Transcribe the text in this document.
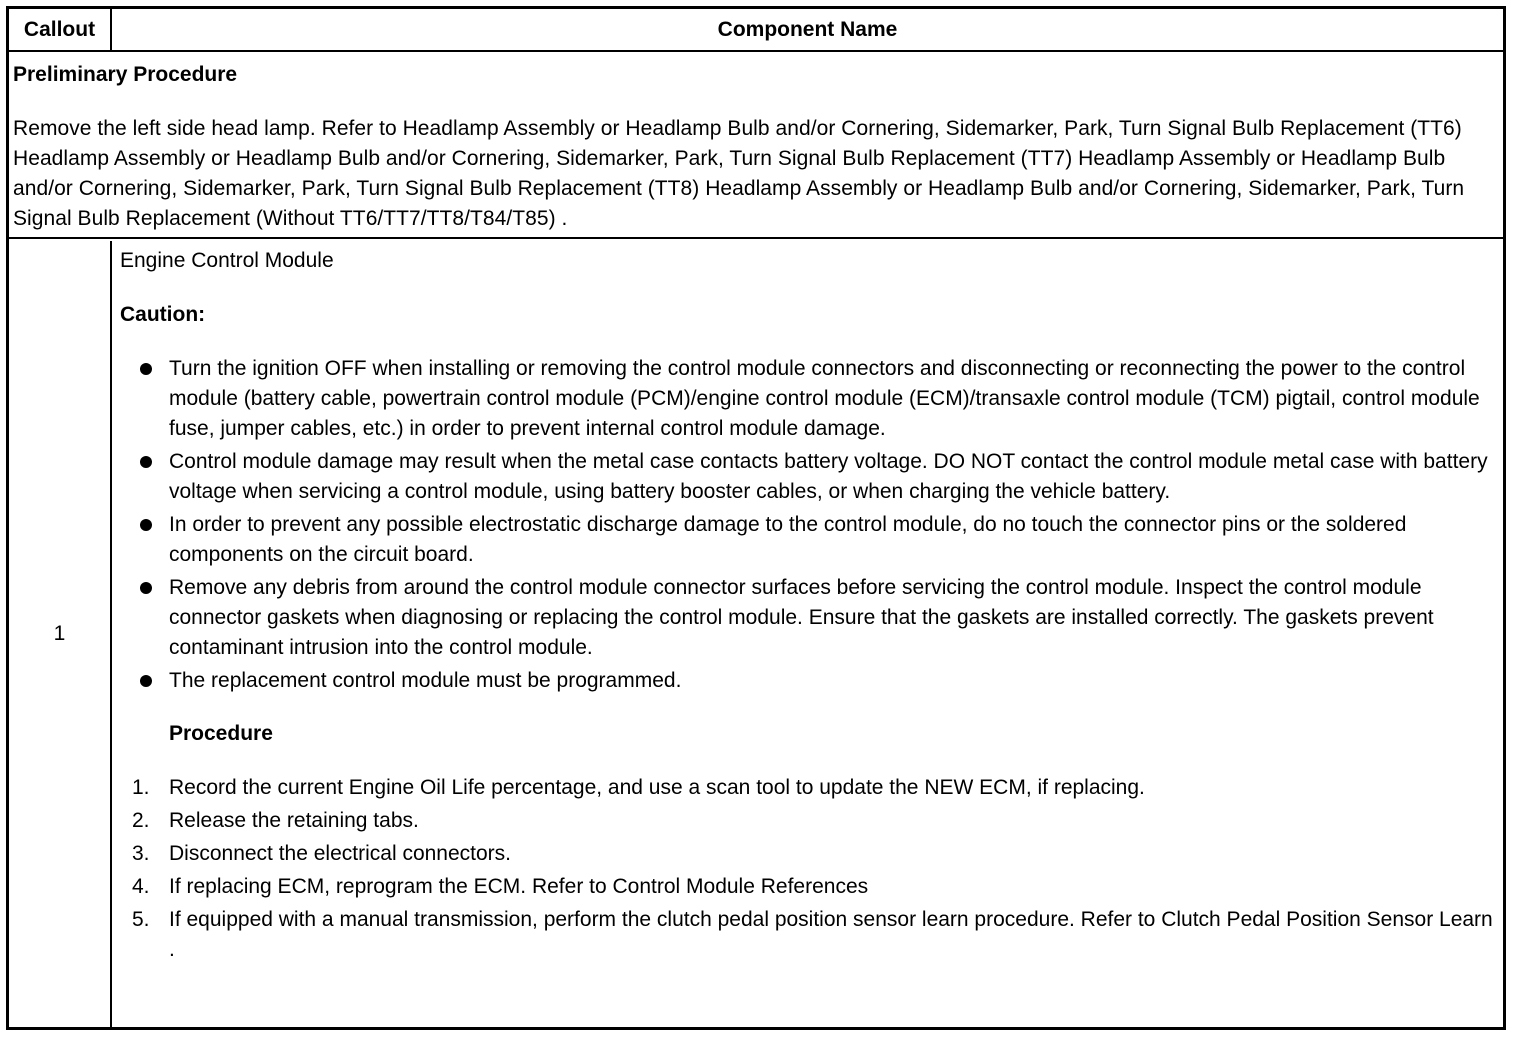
Callout	Component Name
Preliminary Procedure
Remove the left side head lamp. Refer to Headlamp Assembly or Headlamp Bulb and/or Cornering, Sidemarker, Park, Turn Signal Bulb Replacement (TT6) Headlamp Assembly or Headlamp Bulb and/or Cornering, Sidemarker, Park, Turn Signal Bulb Replacement (TT7) Headlamp Assembly or Headlamp Bulb and/or Cornering, Sidemarker, Park, Turn Signal Bulb Replacement (TT8) Headlamp Assembly or Headlamp Bulb and/or Cornering, Sidemarker, Park, Turn Signal Bulb Replacement (Without TT6/TT7/TT8/T84/T85) .
1
Engine Control Module
Caution:
Turn the ignition OFF when installing or removing the control module connectors and disconnecting or reconnecting the power to the control module (battery cable, powertrain control module (PCM)/engine control module (ECM)/transaxle control module (TCM) pigtail, control module fuse, jumper cables, etc.) in order to prevent internal control module damage.
Control module damage may result when the metal case contacts battery voltage. DO NOT contact the control module metal case with battery voltage when servicing a control module, using battery booster cables, or when charging the vehicle battery.
In order to prevent any possible electrostatic discharge damage to the control module, do no touch the connector pins or the soldered components on the circuit board.
Remove any debris from around the control module connector surfaces before servicing the control module. Inspect the control module connector gaskets when diagnosing or replacing the control module. Ensure that the gaskets are installed correctly. The gaskets prevent contaminant intrusion into the control module.
The replacement control module must be programmed.
Procedure
1. Record the current Engine Oil Life percentage, and use a scan tool to update the NEW ECM, if replacing.
2. Release the retaining tabs.
3. Disconnect the electrical connectors.
4. If replacing ECM, reprogram the ECM. Refer to Control Module References
5. If equipped with a manual transmission, perform the clutch pedal position sensor learn procedure. Refer to Clutch Pedal Position Sensor Learn .
